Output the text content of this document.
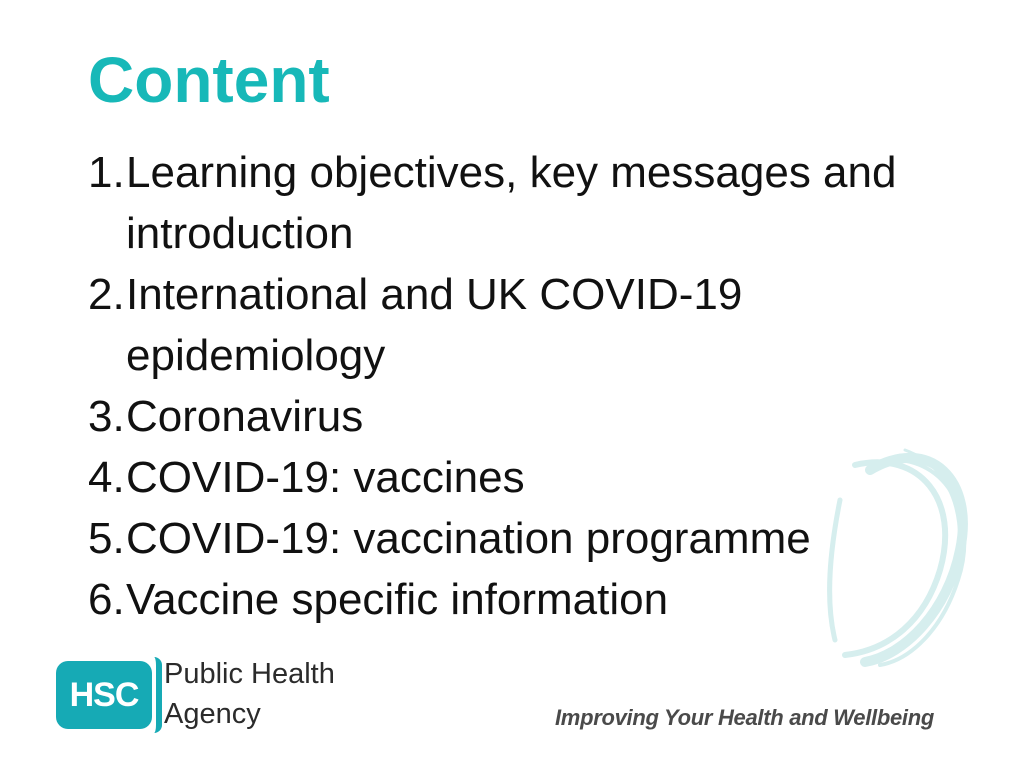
Content
1. Learning objectives, key messages and introduction
2. International and UK COVID-19 epidemiology
3. Coronavirus
4. COVID-19: vaccines
5. COVID-19: vaccination programme
6. Vaccine specific information
HSC
Public Health
Agency	Improving Your Health and Wellbeing
